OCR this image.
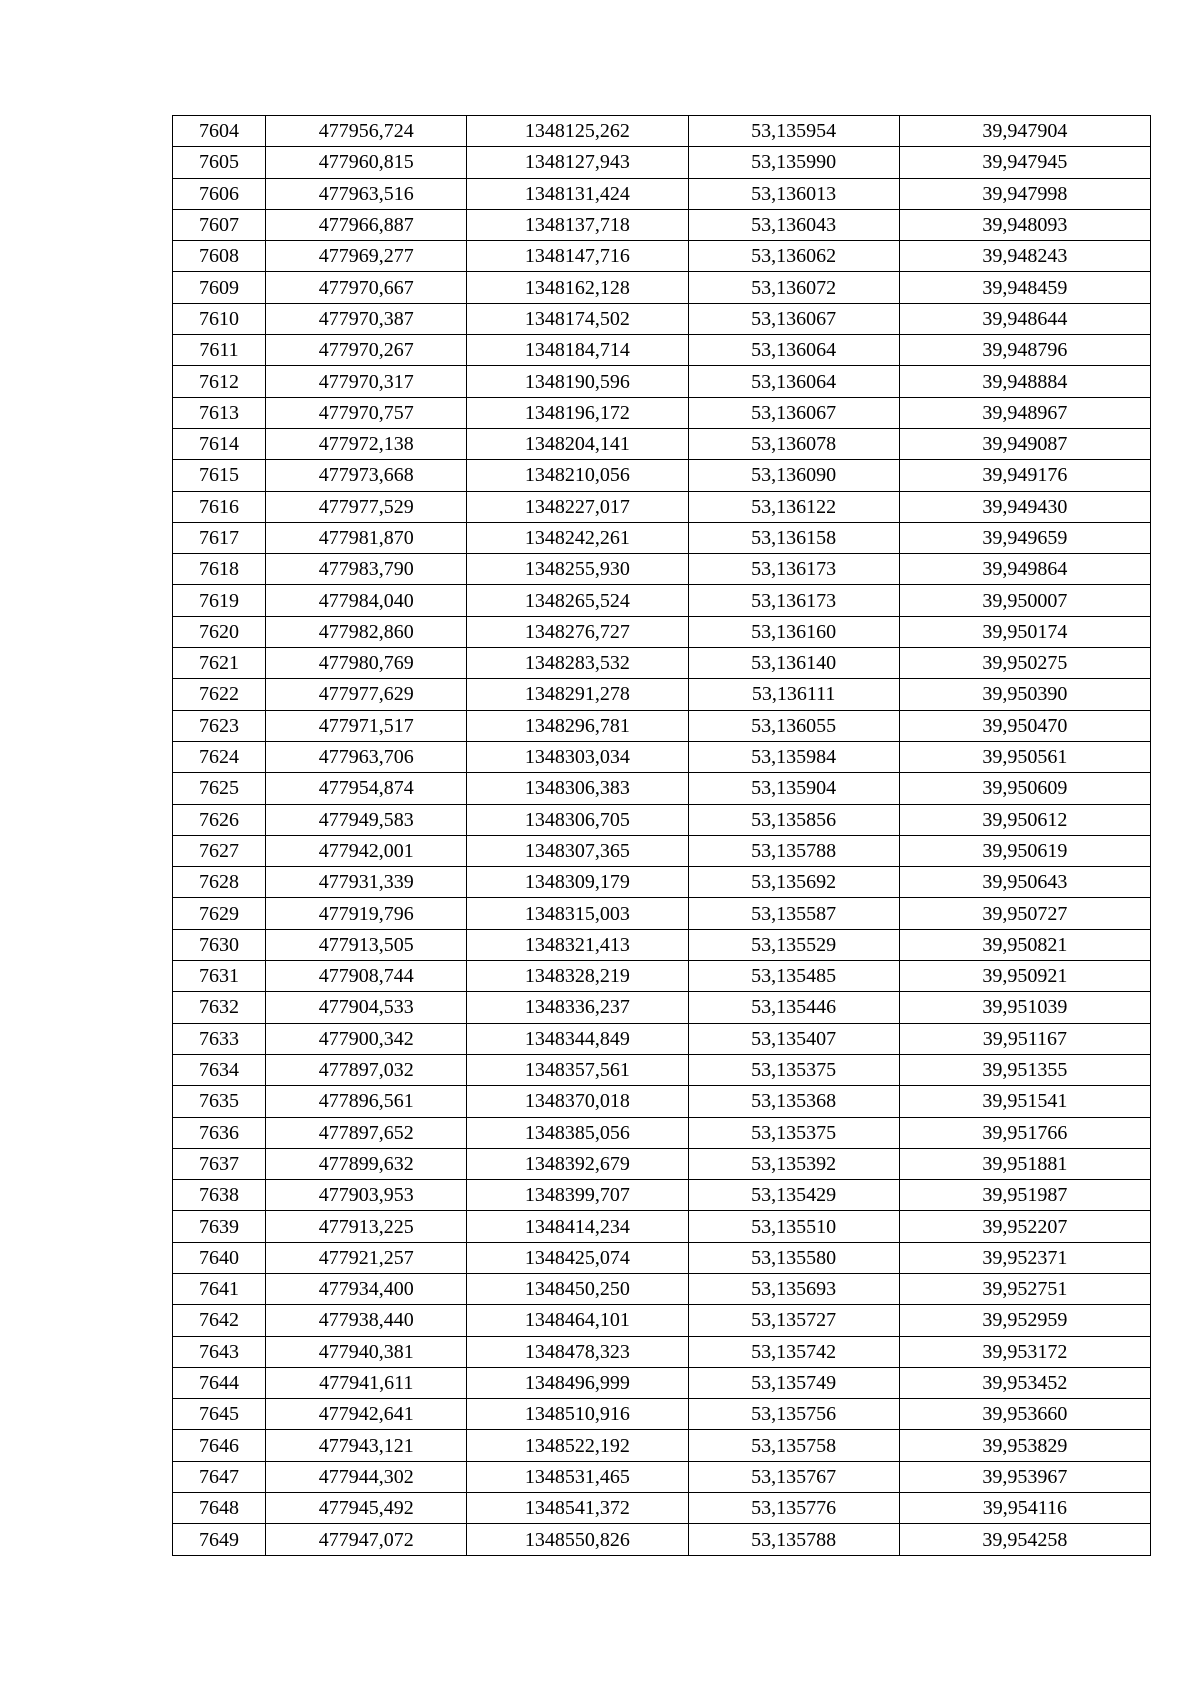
7604	477956,724	1348125,262	53,135954	39,947904
7605	477960,815	1348127,943	53,135990	39,947945
7606	477963,516	1348131,424	53,136013	39,947998
7607	477966,887	1348137,718	53,136043	39,948093
7608	477969,277	1348147,716	53,136062	39,948243
7609	477970,667	1348162,128	53,136072	39,948459
7610	477970,387	1348174,502	53,136067	39,948644
7611	477970,267	1348184,714	53,136064	39,948796
7612	477970,317	1348190,596	53,136064	39,948884
7613	477970,757	1348196,172	53,136067	39,948967
7614	477972,138	1348204,141	53,136078	39,949087
7615	477973,668	1348210,056	53,136090	39,949176
7616	477977,529	1348227,017	53,136122	39,949430
7617	477981,870	1348242,261	53,136158	39,949659
7618	477983,790	1348255,930	53,136173	39,949864
7619	477984,040	1348265,524	53,136173	39,950007
7620	477982,860	1348276,727	53,136160	39,950174
7621	477980,769	1348283,532	53,136140	39,950275
7622	477977,629	1348291,278	53,136111	39,950390
7623	477971,517	1348296,781	53,136055	39,950470
7624	477963,706	1348303,034	53,135984	39,950561
7625	477954,874	1348306,383	53,135904	39,950609
7626	477949,583	1348306,705	53,135856	39,950612
7627	477942,001	1348307,365	53,135788	39,950619
7628	477931,339	1348309,179	53,135692	39,950643
7629	477919,796	1348315,003	53,135587	39,950727
7630	477913,505	1348321,413	53,135529	39,950821
7631	477908,744	1348328,219	53,135485	39,950921
7632	477904,533	1348336,237	53,135446	39,951039
7633	477900,342	1348344,849	53,135407	39,951167
7634	477897,032	1348357,561	53,135375	39,951355
7635	477896,561	1348370,018	53,135368	39,951541
7636	477897,652	1348385,056	53,135375	39,951766
7637	477899,632	1348392,679	53,135392	39,951881
7638	477903,953	1348399,707	53,135429	39,951987
7639	477913,225	1348414,234	53,135510	39,952207
7640	477921,257	1348425,074	53,135580	39,952371
7641	477934,400	1348450,250	53,135693	39,952751
7642	477938,440	1348464,101	53,135727	39,952959
7643	477940,381	1348478,323	53,135742	39,953172
7644	477941,611	1348496,999	53,135749	39,953452
7645	477942,641	1348510,916	53,135756	39,953660
7646	477943,121	1348522,192	53,135758	39,953829
7647	477944,302	1348531,465	53,135767	39,953967
7648	477945,492	1348541,372	53,135776	39,954116
7649	477947,072	1348550,826	53,135788	39,954258
